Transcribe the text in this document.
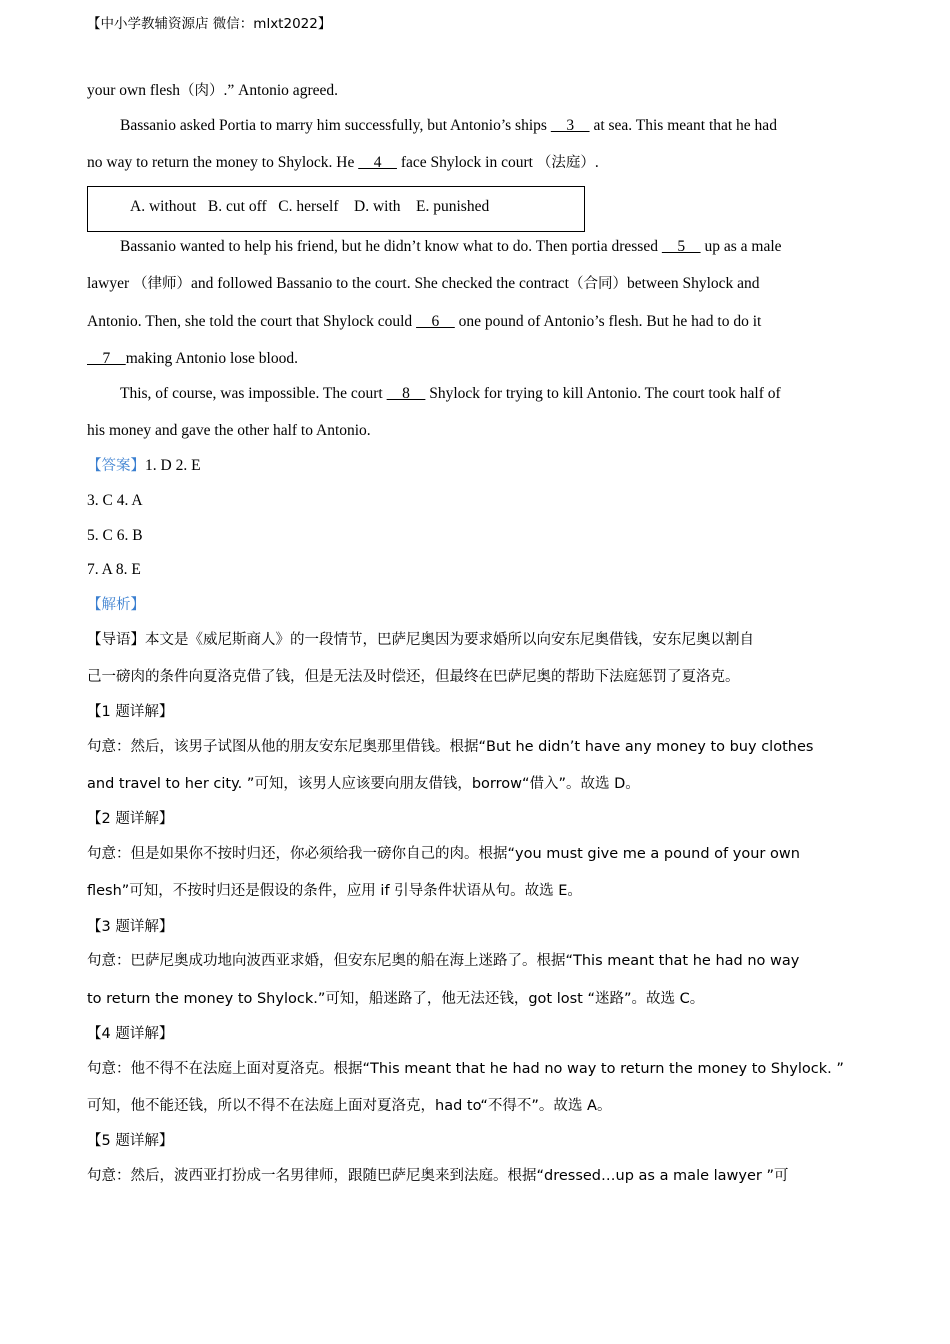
【中小学教辅资源店 微信：mlxt2022】
your own flesh（肉）.” Antonio agreed.
Bassanio asked Portia to marry him successfully, but Antonio’s ships     3     at sea. This meant that he had
no way to return the money to Shylock. He     4     face Shylock in court （法庭）.
A. without   B. cut off   C. herself    D. with    E. punished
Bassanio wanted to help his friend, but he didn’t know what to do. Then portia dressed     5     up as a male
lawyer （律师）and followed Bassanio to the court. She checked the contract（合同）between Shylock and
Antonio. Then, she told the court that Shylock could     6     one pound of Antonio’s flesh. But he had to do it
7    making Antonio lose blood.
This, of course, was impossible. The court     8     Shylock for trying to kill Antonio. The court took half of
his money and gave the other half to Antonio.
【答案】1. D 2. E
3. C 4. A
5. C 6. B
7. A 8. E
【解析】
【导语】本文是《威尼斯商人》的一段情节，巴萨尼奥因为要求婚所以向安东尼奥借钱，安东尼奥以割自
己一磅肉的条件向夏洛克借了钱，但是无法及时偿还，但最终在巴萨尼奥的帮助下法庭惩罚了夏洛克。
【1 题详解】
句意：然后，该男子试图从他的朋友安东尼奥那里借钱。根据“But he didn’t have any money to buy clothes
and travel to her city. ”可知，该男人应该要向朋友借钱，borrow“借入”。故选 D。
【2 题详解】
句意：但是如果你不按时归还，你必须给我一磅你自己的肉。根据“you must give me a pound of your own
flesh”可知，不按时归还是假设的条件，应用 if 引导条件状语从句。故选 E。
【3 题详解】
句意：巴萨尼奥成功地向波西亚求婚，但安东尼奥的船在海上迷路了。根据“This meant that he had no way
to return the money to Shylock.”可知，船迷路了，他无法还钱，got lost “迷路”。故选 C。
【4 题详解】
句意：他不得不在法庭上面对夏洛克。根据“This meant that he had no way to return the money to Shylock. ”
可知，他不能还钱，所以不得不在法庭上面对夏洛克，had to“不得不”。故选 A。
【5 题详解】
句意：然后，波西亚打扮成一名男律师，跟随巴萨尼奥来到法庭。根据“dressed…up as a male lawyer ”可
